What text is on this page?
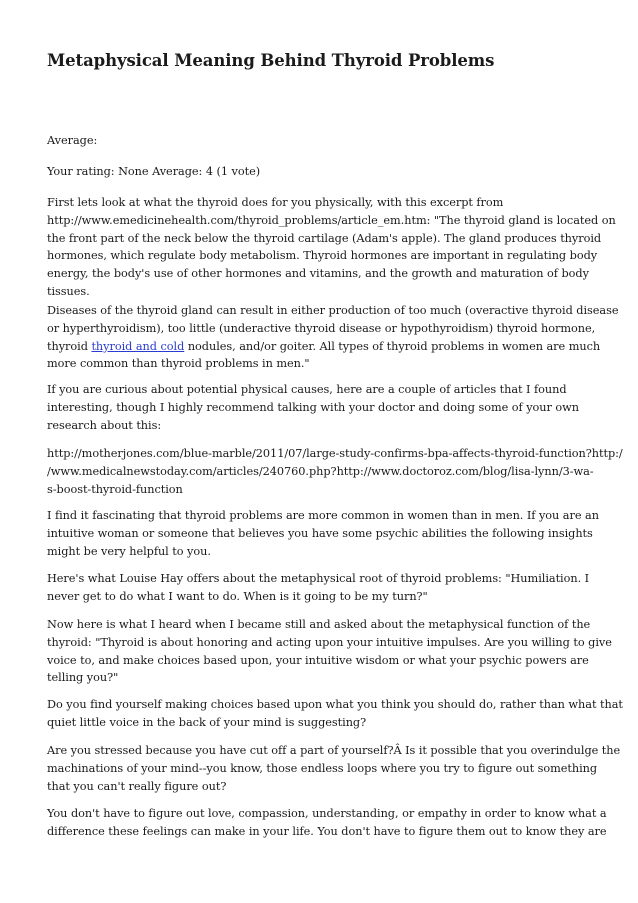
Metaphysical Meaning Behind Thyroid Problems
Average:
Your rating: None Average: 4 (1 vote)
First lets look at what the thyroid does for you physically, with this excerpt from
http://www.emedicinehealth.com/thyroid_problems/article_em.htm: "The thyroid gland is located on
the front part of the neck below the thyroid cartilage (Adam's apple). The gland produces thyroid
hormones, which regulate body metabolism. Thyroid hormones are important in regulating body
energy, the body's use of other hormones and vitamins, and the growth and maturation of body
tissues.
Diseases of the thyroid gland can result in either production of too much (overactive thyroid disease
or hyperthyroidism), too little (underactive thyroid disease or hypothyroidism) thyroid hormone,
thyroid thyroid and cold nodules, and/or goiter. All types of thyroid problems in women are much
more common than thyroid problems in men."
If you are curious about potential physical causes, here are a couple of articles that I found
interesting, though I highly recommend talking with your doctor and doing some of your own
research about this:
http://motherjones.com/blue-marble/2011/07/large-study-confirms-bpa-affects-thyroid-function?http:/
/www.medicalnewstoday.com/articles/240760.php?http://www.doctoroz.com/blog/lisa-lynn/3-wa-
s-boost-thyroid-function
I find it fascinating that thyroid problems are more common in women than in men. If you are an
intuitive woman or someone that believes you have some psychic abilities the following insights
might be very helpful to you.
Here's what Louise Hay offers about the metaphysical root of thyroid problems: "Humiliation. I
never get to do what I want to do. When is it going to be my turn?"
Now here is what I heard when I became still and asked about the metaphysical function of the
thyroid: "Thyroid is about honoring and acting upon your intuitive impulses. Are you willing to give
voice to, and make choices based upon, your intuitive wisdom or what your psychic powers are
telling you?"
Do you find yourself making choices based upon what you think you should do, rather than what that
quiet little voice in the back of your mind is suggesting?
Are you stressed because you have cut off a part of yourself?Â Is it possible that you overindulge the
machinations of your mind--you know, those endless loops where you try to figure out something
that you can't really figure out?
You don't have to figure out love, compassion, understanding, or empathy in order to know what a
difference these feelings can make in your life. You don't have to figure them out to know they are
